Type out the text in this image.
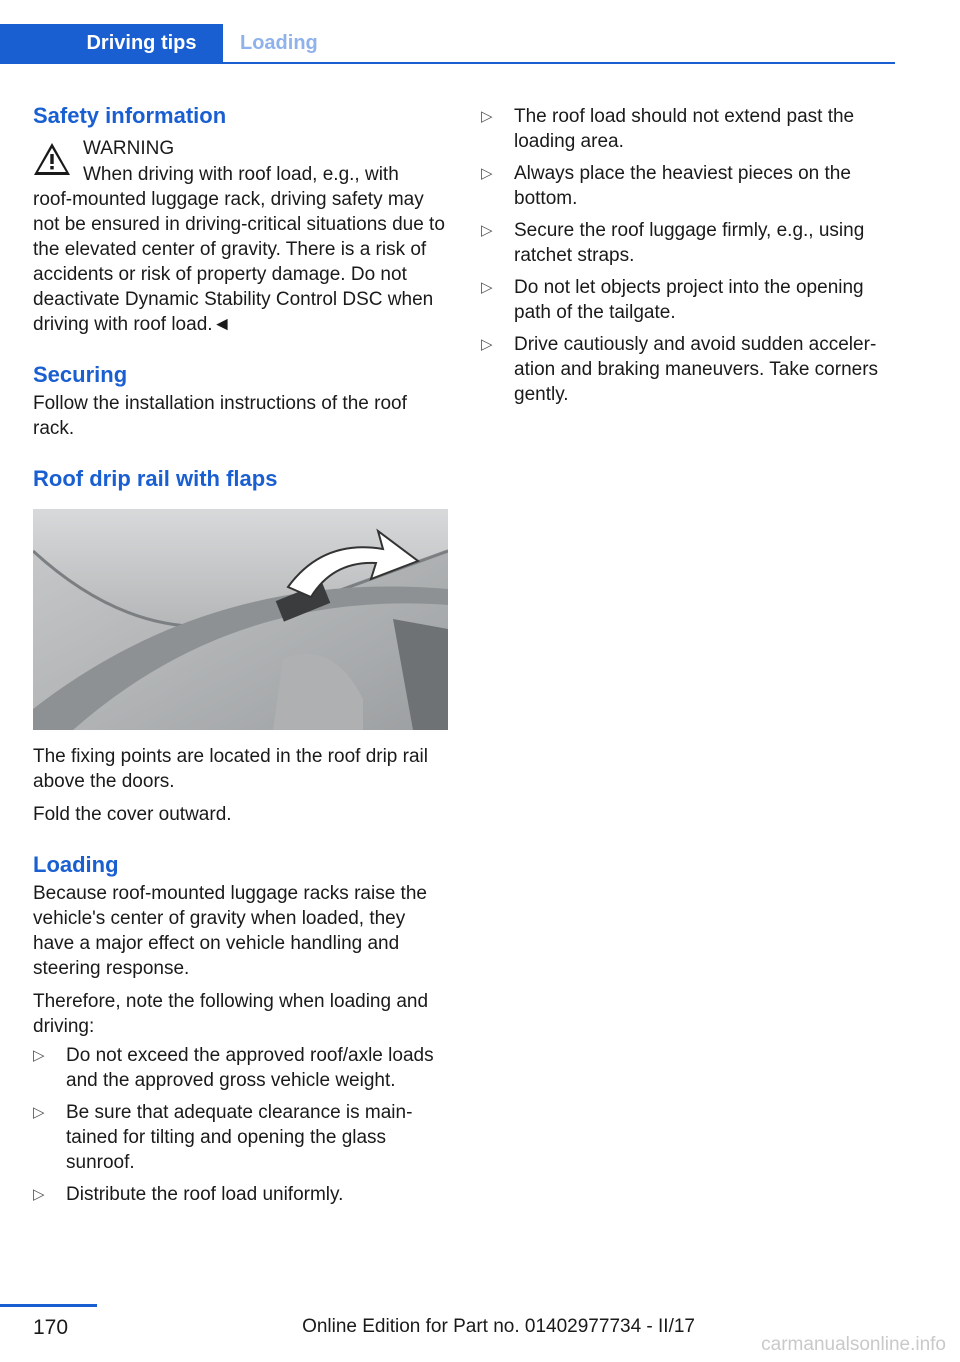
Driving tips	Loading
Safety information
WARNING

When driving with roof load, e.g., with

roof-mounted luggage rack, driving safety may not be ensured in driving-critical situations due to the elevated center of gravity. There is a risk of accidents or risk of property damage. Do not deactivate Dynamic Stability Control DSC when driving with roof load.◄

Securing

Follow the installation instructions of the roof rack.

Roof drip rail with flaps

The fixing points are located in the roof drip rail above the doors.

Fold the cover outward.

Loading

Because roof-mounted luggage racks raise the vehicle's center of gravity when loaded, they have a major effect on vehicle handling and steering response.

Therefore, note the following when loading and driving:

▷ Do not exceed the approved roof/axle loads and the approved gross vehicle weight.
▷ Be sure that adequate clearance is maintained for tilting and opening the glass sunroof.
▷ Distribute the roof load uniformly.
▷ The roof load should not extend past the loading area.
▷ Always place the heaviest pieces on the bottom.
▷ Secure the roof luggage firmly, e.g., using ratchet straps.
▷ Do not let objects project into the opening path of the tailgate.
▷ Drive cautiously and avoid sudden acceleration and braking maneuvers. Take corners gently.
170	Online Edition for Part no. 01402977734 - II/17
carmanualsonline.info
